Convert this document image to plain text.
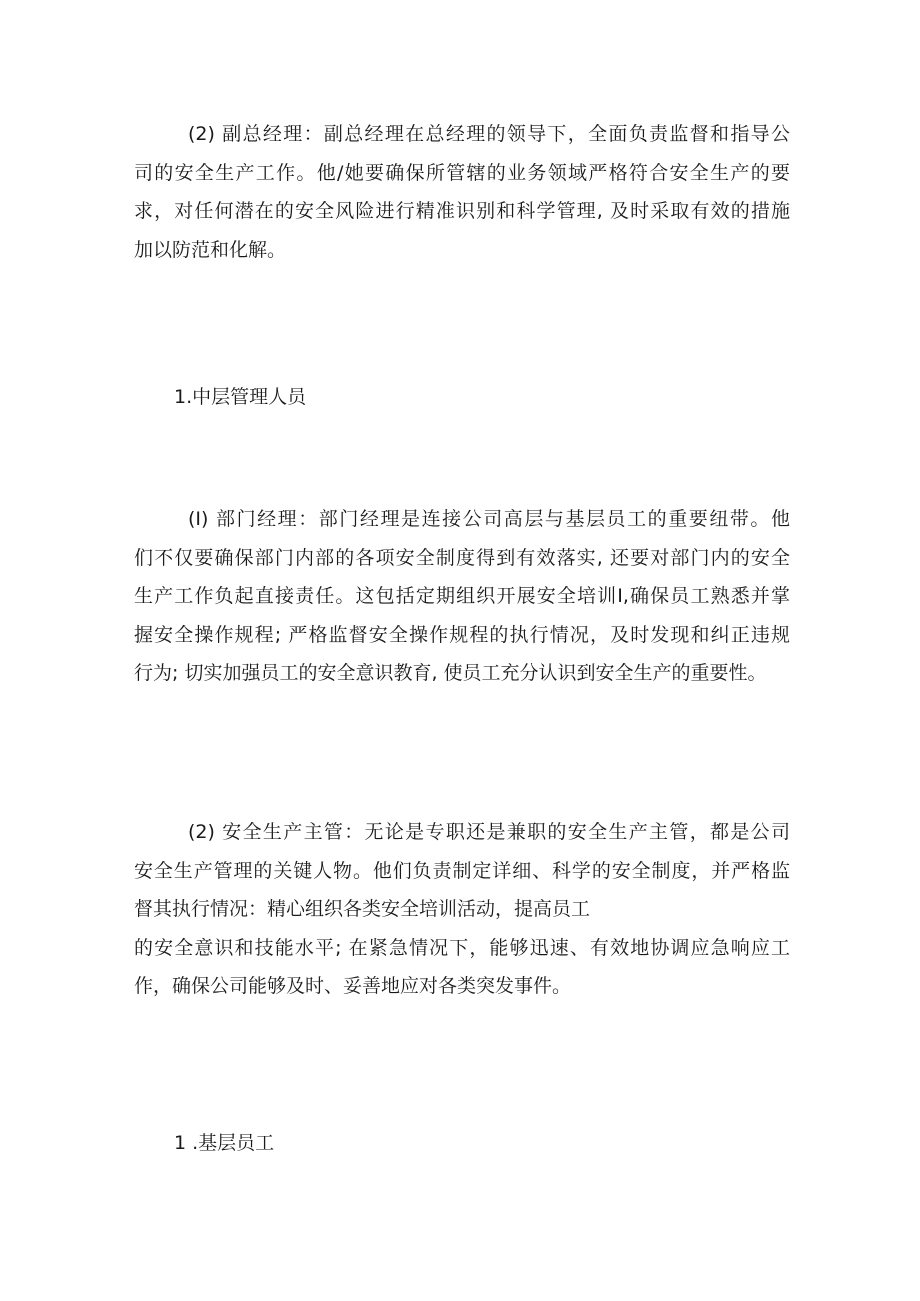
(2) 副总经理：副总经理在总经理的领导下，全面负责监督和指导公
司的安全生产工作。他/她要确保所管辖的业务领域严格符合安全生产的要
求，对任何潜在的安全风险进行精准识别和科学管理, 及时采取有效的措施
加以防范和化解。
1.中层管理人员
(I) 部门经理：部门经理是连接公司高层与基层员工的重要纽带。他
们不仅要确保部门内部的各项安全制度得到有效落实, 还要对部门内的安全
生产工作负起直接责任。这包括定期组织开展安全培训I,确保员工熟悉并掌
握安全操作规程; 严格监督安全操作规程的执行情况，及时发现和纠正违规
行为; 切实加强员工的安全意识教育, 使员工充分认识到安全生产的重要性。
(2) 安全生产主管：无论是专职还是兼职的安全生产主管，都是公司
安全生产管理的关键人物。他们负责制定详细、科学的安全制度，并严格监
督其执行情况：精心组织各类安全培训活动，提高员工
的安全意识和技能水平; 在紧急情况下，能够迅速、有效地协调应急响应工
作，确保公司能够及时、妥善地应对各类突发事件。
1 .基层员工
